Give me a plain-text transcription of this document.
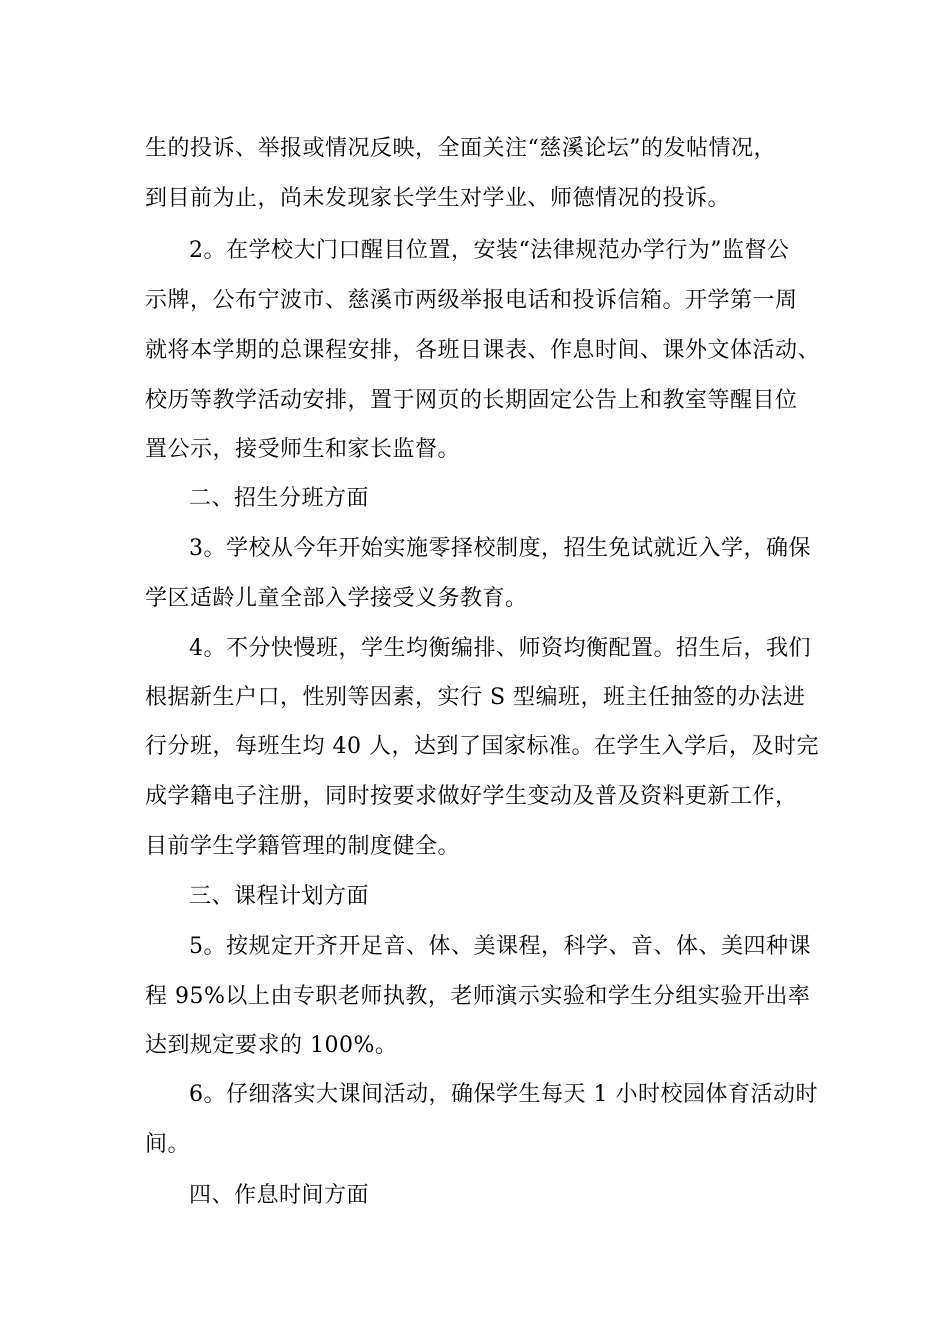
生的投诉、举报或情况反映，全面关注“慈溪论坛”的发帖情况，
到目前为止，尚未发现家长学生对学业、师德情况的投诉。
2。在学校大门口醒目位置，安装“法律规范办学行为”监督公
示牌，公布宁波市、慈溪市两级举报电话和投诉信箱。开学第一周
就将本学期的总课程安排，各班日课表、作息时间、课外文体活动、
校历等教学活动安排，置于网页的长期固定公告上和教室等醒目位
置公示，接受师生和家长监督。
二、招生分班方面
3。学校从今年开始实施零择校制度，招生免试就近入学，确保
学区适龄儿童全部入学接受义务教育。
4。不分快慢班，学生均衡编排、师资均衡配置。招生后，我们
根据新生户口，性别等因素，实行 S 型编班，班主任抽签的办法进
行分班，每班生均 40 人，达到了国家标准。在学生入学后，及时完
成学籍电子注册，同时按要求做好学生变动及普及资料更新工作，
目前学生学籍管理的制度健全。
三、课程计划方面
5。按规定开齐开足音、体、美课程，科学、音、体、美四种课
程 95%以上由专职老师执教，老师演示实验和学生分组实验开出率
达到规定要求的 100%。
6。仔细落实大课间活动，确保学生每天 1 小时校园体育活动时
间。
四、作息时间方面
